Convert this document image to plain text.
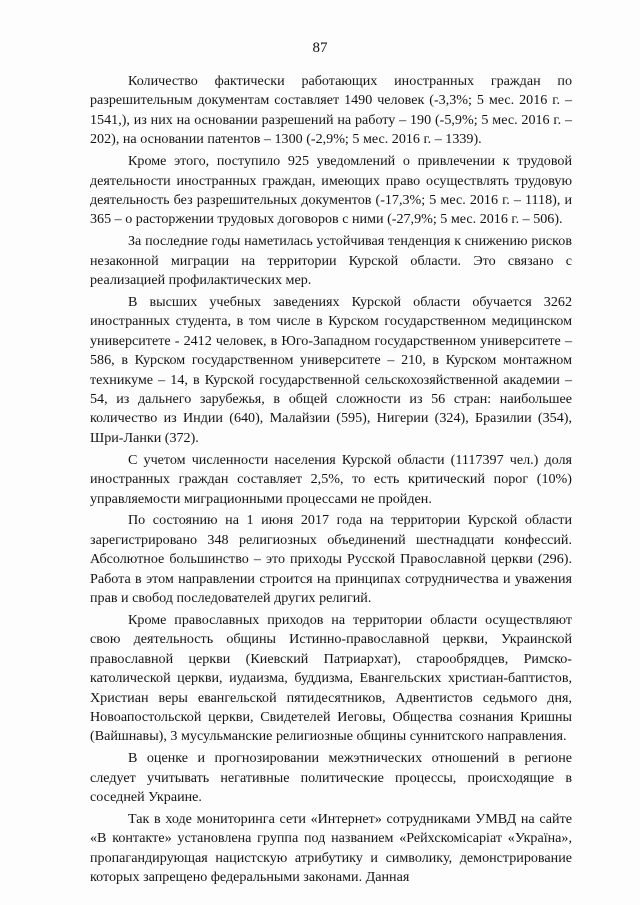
87

Количество фактически работающих иностранных граждан по разрешительным документам составляет 1490 человек (-3,3%; 5 мес. 2016 г. – 1541,), из них на основании разрешений на работу – 190 (-5,9%; 5 мес. 2016 г. – 202), на основании патентов – 1300 (-2,9%; 5 мес. 2016 г. – 1339).

Кроме этого, поступило 925 уведомлений о привлечении к трудовой деятельности иностранных граждан, имеющих право осуществлять трудовую деятельность без разрешительных документов (-17,3%; 5 мес. 2016 г. – 1118), и 365 – о расторжении трудовых договоров с ними (-27,9%; 5 мес. 2016 г. – 506).

За последние годы наметилась устойчивая тенденция к снижению рисков незаконной миграции на территории Курской области. Это связано с реализацией профилактических мер.

В высших учебных заведениях Курской области обучается 3262 иностранных студента, в том числе в Курском государственном медицинском университете - 2412 человек, в Юго-Западном государственном университете – 586, в Курском государственном университете – 210, в Курском монтажном техникуме – 14, в Курской государственной сельскохозяйственной академии – 54, из дальнего зарубежья, в общей сложности из 56 стран: наибольшее количество из Индии (640), Малайзии (595), Нигерии (324), Бразилии (354), Шри-Ланки (372).

С учетом численности населения Курской области (1117397 чел.) доля иностранных граждан составляет 2,5%, то есть критический порог (10%) управляемости миграционными процессами не пройден.

По состоянию на 1 июня 2017 года на территории Курской области зарегистрировано 348 религиозных объединений шестнадцати конфессий. Абсолютное большинство – это приходы Русской Православной церкви (296). Работа в этом направлении строится на принципах сотрудничества и уважения прав и свобод последователей других религий.

Кроме православных приходов на территории области осуществляют свою деятельность общины Истинно-православной церкви, Украинской православной церкви (Киевский Патриархат), старообрядцев, Римско-католической церкви, иудаизма, буддизма, Евангельских христиан-баптистов, Христиан веры евангельской пятидесятников, Адвентистов седьмого дня, Новоапостольской церкви, Свидетелей Иеговы, Общества сознания Кришны (Вайшнавы), 3 мусульманские религиозные общины суннитского направления.

В оценке и прогнозировании межэтнических отношений в регионе следует учитывать негативные политические процессы, происходящие в соседней Украине.

Так в ходе мониторинга сети «Интернет» сотрудниками УМВД на сайте «В контакте» установлена группа под названием «Рейхскомісаріат «Україна», пропагандирующая нацистскую атрибутику и символику, демонстрирование которых запрещено федеральными законами. Данная
